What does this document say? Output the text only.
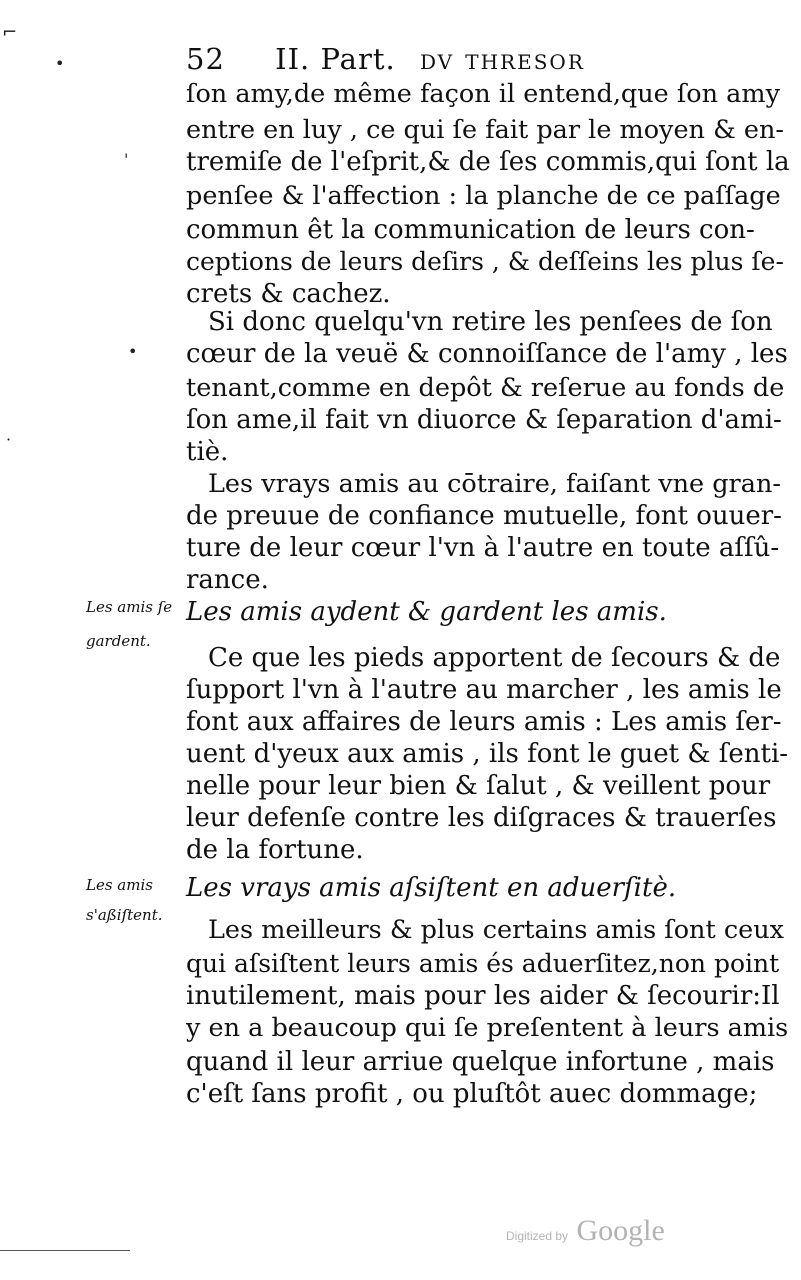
⌐
•
'
•
·
52 II. Part. dv thresor
ſon amy,de même façon il entend,que ſon amy
entre en luy , ce qui ſe fait par le moyen & en-
tremiſe de l'eſprit,& de ſes commis,qui ſont la
penſee & l'affection : la planche de ce paſſage
commun êt la communication de leurs con-
ceptions de leurs deſirs , & deſſeins les plus ſe-
crets & cachez.
Si donc quelqu'vn retire les penſees de ſon
cœur de la veuë & connoiſſance de l'amy , les
tenant,comme en depôt & reſerue au fonds de
ſon ame,il fait vn diuorce & ſeparation d'ami-
tiè.
Les vrays amis au cōtraire, faiſant vne gran-
de preuue de confiance mutuelle, font ouuer-
ture de leur cœur l'vn à l'autre en toute aſſû-
rance.
Les amis ſe
gardent.
Les amis aydent & gardent les amis.
Ce que les pieds apportent de ſecours & de
ſupport l'vn à l'autre au marcher , les amis le
font aux affaires de leurs amis : Les amis ſer-
uent d'yeux aux amis , ils font le guet & ſenti-
nelle pour leur bien & ſalut , & veillent pour
leur defenſe contre les diſgraces & trauerſes
de la fortune.
Les amis
s'aßiſtent.
Les vrays amis aſsiſtent en aduerſitè.
Les meilleurs & plus certains amis ſont ceux
qui aſsiſtent leurs amis és aduerſitez,non point
inutilement, mais pour les aider & ſecourir:Il
y en a beaucoup qui ſe preſentent à leurs amis
quand il leur arriue quelque infortune , mais
c'eſt ſans profit , ou pluſtôt auec dommage;
Digitized by Google
